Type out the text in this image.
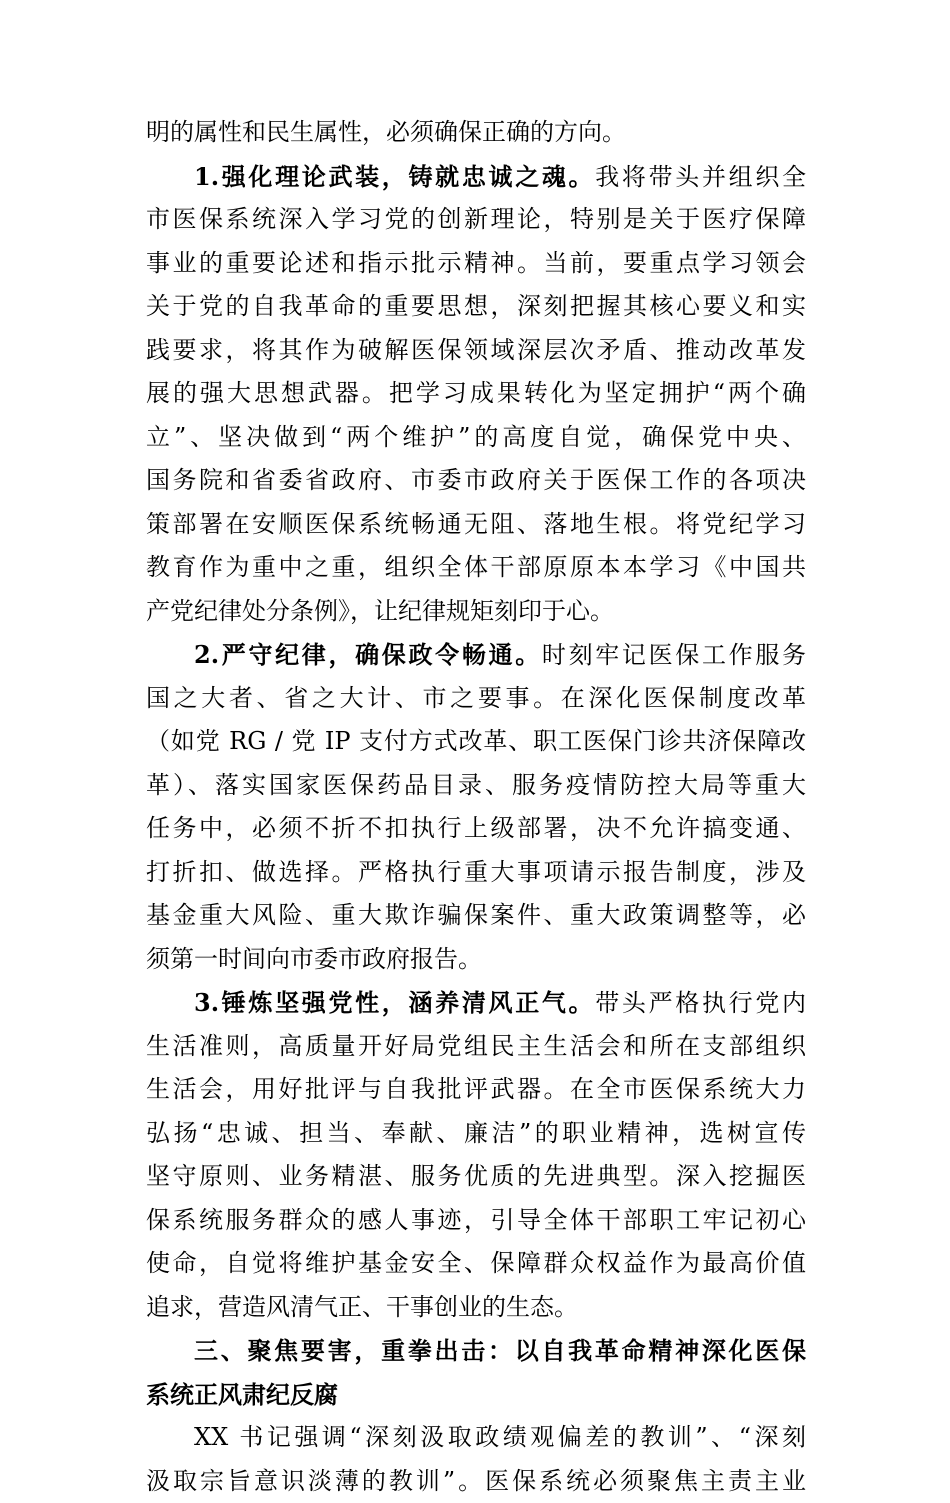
明的属性和民生属性，必须确保正确的方向。
1.强化理论武装，铸就忠诚之魂。我将带头并组织全
市医保系统深入学习党的创新理论，特别是关于医疗保障
事业的重要论述和指示批示精神。当前，要重点学习领会
关于党的自我革命的重要思想，深刻把握其核心要义和实
践要求，将其作为破解医保领域深层次矛盾、推动改革发
展的强大思想武器。把学习成果转化为坚定拥护“两个确
立”、坚决做到“两个维护”的高度自觉，确保党中央、
国务院和省委省政府、市委市政府关于医保工作的各项决
策部署在安顺医保系统畅通无阻、落地生根。将党纪学习
教育作为重中之重，组织全体干部原原本本学习《中国共
产党纪律处分条例》，让纪律规矩刻印于心。
2.严守纪律，确保政令畅通。时刻牢记医保工作服务
国之大者、省之大计、市之要事。在深化医保制度改革
（如党 RG / 党 IP 支付方式改革、职工医保门诊共济保障改
革）、落实国家医保药品目录、服务疫情防控大局等重大
任务中，必须不折不扣执行上级部署，决不允许搞变通、
打折扣、做选择。严格执行重大事项请示报告制度，涉及
基金重大风险、重大欺诈骗保案件、重大政策调整等，必
须第一时间向市委市政府报告。
3.锤炼坚强党性，涵养清风正气。带头严格执行党内
生活准则，高质量开好局党组民主生活会和所在支部组织
生活会，用好批评与自我批评武器。在全市医保系统大力
弘扬“忠诚、担当、奉献、廉洁”的职业精神，选树宣传
坚守原则、业务精湛、服务优质的先进典型。深入挖掘医
保系统服务群众的感人事迹，引导全体干部职工牢记初心
使命，自觉将维护基金安全、保障群众权益作为最高价值
追求，营造风清气正、干事创业的生态。
三、聚焦要害，重拳出击：以自我革命精神深化医保
系统正风肃纪反腐
XX 书记强调“深刻汲取政绩观偏差的教训”、“深刻
汲取宗旨意识淡薄的教训”。医保系统必须聚焦主责主业
